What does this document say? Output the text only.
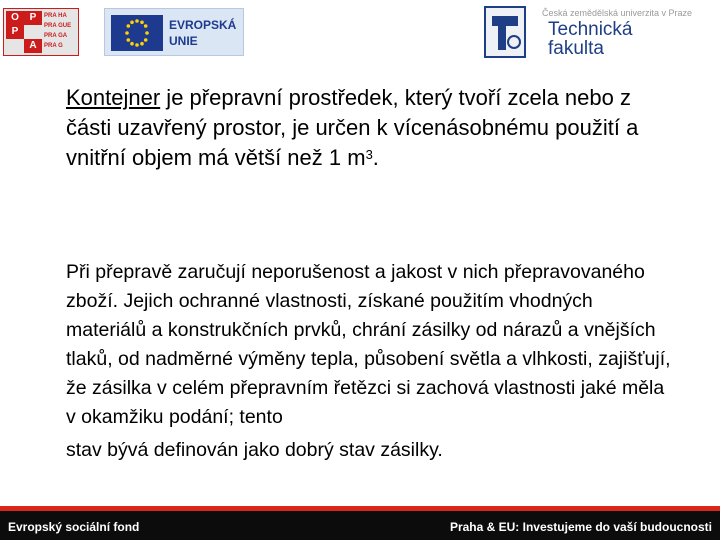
O	P
P
A
PRA HA
PRA GUE
PRA GA
PRA G
EVROPSKÁ
UNIE
Česká zemědělská univerzita v Praze
Technická
fakulta
Kontejner je přepravní prostředek, který tvoří zcela nebo z části uzavřený prostor, je určen k vícenásobnému použití a vnitřní objem má větší než 1 $m^3$.
Při přepravě zaručují neporušenost a jakost v nich přepravovaného zboží. Jejich ochranné vlastnosti, získané použitím vhodných materiálů a konstrukčních prvků, chrání zásilky od nárazů a vnějších tlaků, od nadměrné výměny tepla, působení světla a vlhkosti, zajišťují, že zásilka v celém přepravním řetězci si zachová vlastnosti jaké měla v okamžiku podání; tento
stav bývá definován jako dobrý stav zásilky.
Evropský sociální fond	Praha & EU: Investujeme do vaší budoucnosti
